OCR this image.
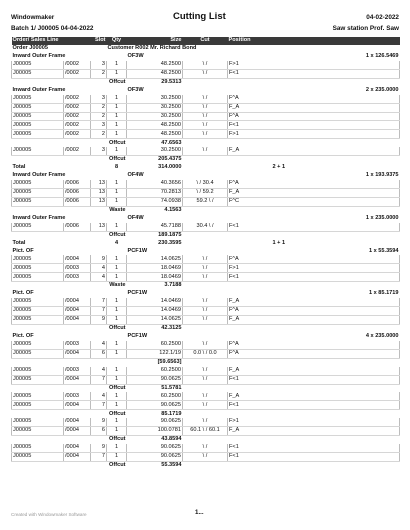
Windowmaker	Cutting List	04-02-2022
Batch 1/ J00005 04-04-2022	Saw station Prof. Saw
Order/ Sales Line		Slot	Qty	Size	Cut	Position	
Order J00005			Customer R002 Mr. Richard Bond				
Inward Outer Frame				OF3W			1 x 126.5469
J00005	/0002	3	1	48.2500	\ /	F>1	
J00005	/0002	2	1	48.2500	\ /	F<1	
			Offcut	29.5313			
Inward Outer Frame				OF3W			2 x 235.0000
J00005	/0002	3	1	30.2500	\ /	F^A	
J00005	/0002	2	1	30.2500	\ /	F_A	
J00005	/0002	2	1	30.2500	\ /	F^A	
J00005	/0002	3	1	48.2500	\ /	F<1	
J00005	/0002	2	1	48.2500	\ /	F>1	
			Offcut	47.6563			
J00005	/0002	3	1	30.2500	\ /	F_A	
			Offcut	205.4375			
Total			8	314.0000			2 + 1
Inward Outer Frame				OF4W			1 x 193.9375
J00005	/0006	13	1	40.3656	\ / 30.4	F^A	
J00005	/0006	13	1	70.2813	\ / 59.2	F_A	
J00005	/0006	13	1	74.0938	59.2 \ /	F^C	
			Waste	4.1563			
Inward Outer Frame				OF4W			1 x 235.0000
J00005	/0006	13	1	45.7188	30.4 \ /	F<1	
			Offcut	189.1875			
Total			4	230.3595			1 + 1
Pict. OF				PCF1W			1 x 55.3594
J00005	/0004	9	1	14.0625	\ /	F^A	
J00005	/0003	4	1	18.0469	\ /	F>1	
J00005	/0003	4	1	18.0469	\ /	F<1	
			Waste	3.7188			
Pict. OF				PCF1W			1 x 85.1719
J00005	/0004	7	1	14.0469	\ /	F_A	
J00005	/0004	7	1	14.0469	\ /	F^A	
J00005	/0004	9	1	14.0625	\ /	F_A	
			Offcut	42.3125			
Pict. OF				PCF1W			4 x 235.0000
J00005	/0003	4	1	60.2500	\ /	F^A	
J00005	/0004	6	1	122.1/19	0.0 \ / 0.0	F^A	
				[59.6563]			
J00005	/0003	4	1	60.2500	\ /	F_A	
J00005	/0004	7	1	90.0625	\ /	F<1	
			Offcut	51.5781			
J00005	/0003	4	1	60.2500	\ /	F_A	
J00005	/0004	7	1	90.0625	\ /	F<1	
			Offcut	85.1719			
J00005	/0004	9	1	90.0625	\ /	F>1	
J00005	/0004	6	1	100.0781	60.1 \ / 60.1	F_A	
			Offcut	43.8594			
J00005	/0004	9	1	90.0625	\ /	F<1	
J00005	/0004	7	1	90.0625	\ /	F<1	
			Offcut	55.3594			
Created with Windowmaker Software	1...
